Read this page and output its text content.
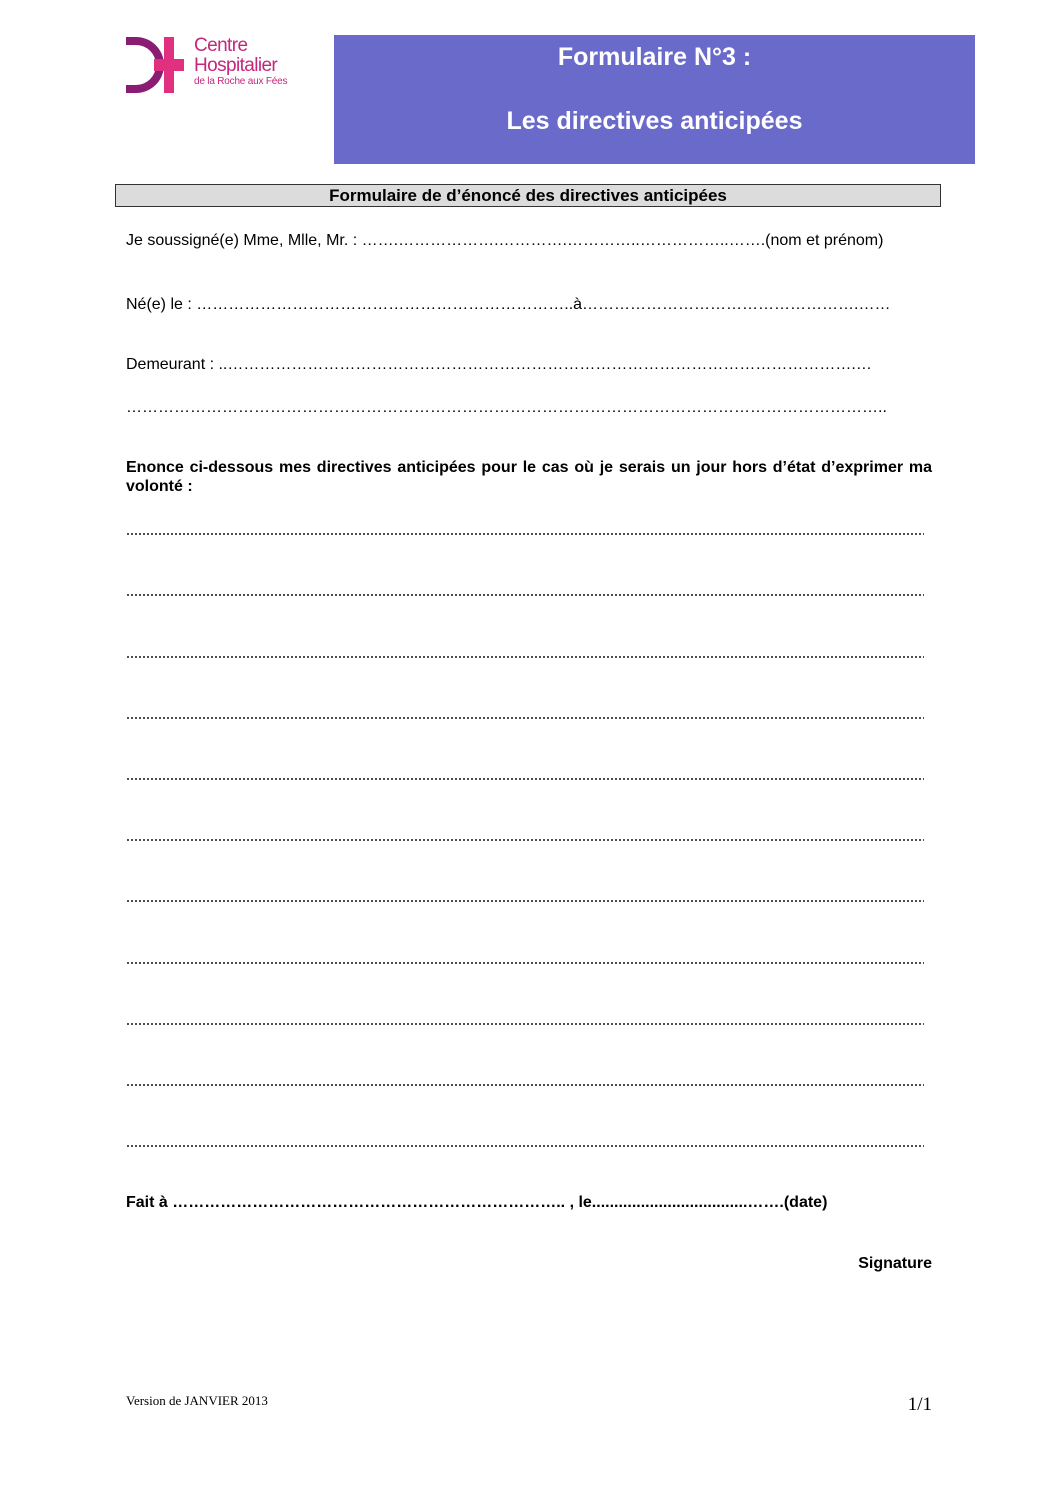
Centre
Hospitalier
de la Roche aux Fées
Formulaire N°3 :
Les directives anticipées
Formulaire de d’énoncé des directives anticipées
Je soussigné(e) Mme, Mlle, Mr. : …….……………….………….…………..……………..…….(nom et prénom)
Né(e) le : ……………………………………………………………..à…………………………………………….……
Demeurant : ..……………………………………………………………………………………………………….…
……………………………………………………………………………………………………………………………..
Enonce ci-dessous mes directives anticipées pour le cas où je serais un jour hors d’état d’exprimer ma volonté :
Fait à ……………………………………………………………….. , le...................................…….(date)
Signature
Version de JANVIER 2013	1/1
